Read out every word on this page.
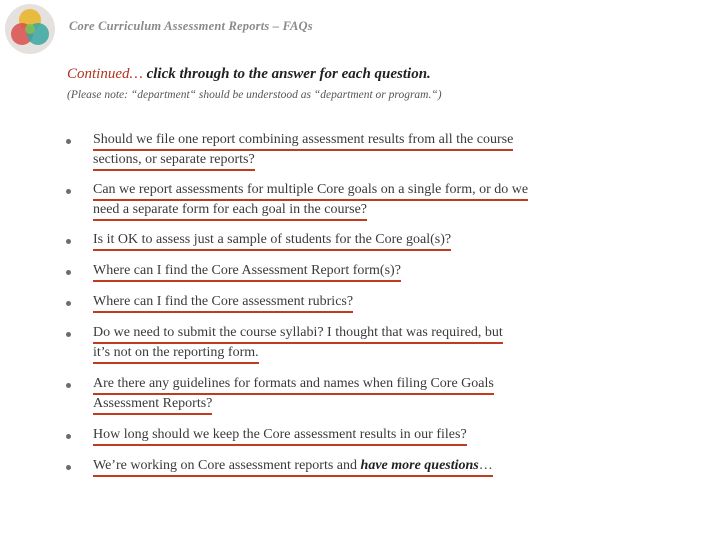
Core Curriculum Assessment Reports – FAQs
Continued… click through to the answer for each question.
(Please note: “department“ should be understood as “department or program.“)
Should we file one report combining assessment results from all the course
sections, or separate reports?
Can we report assessments for multiple Core goals on a single form, or do we
need a separate form for each goal in the course?
Is it OK to assess just a sample of students for the Core goal(s)?
Where can I find the Core Assessment Report form(s)?
Where can I find the Core assessment rubrics?
Do we need to submit the course syllabi? I thought that was required, but
it’s not on the reporting form.
Are there any guidelines for formats and names when filing Core Goals
Assessment Reports?
How long should we keep the Core assessment results in our files?
We’re working on Core assessment reports and have more questions…
